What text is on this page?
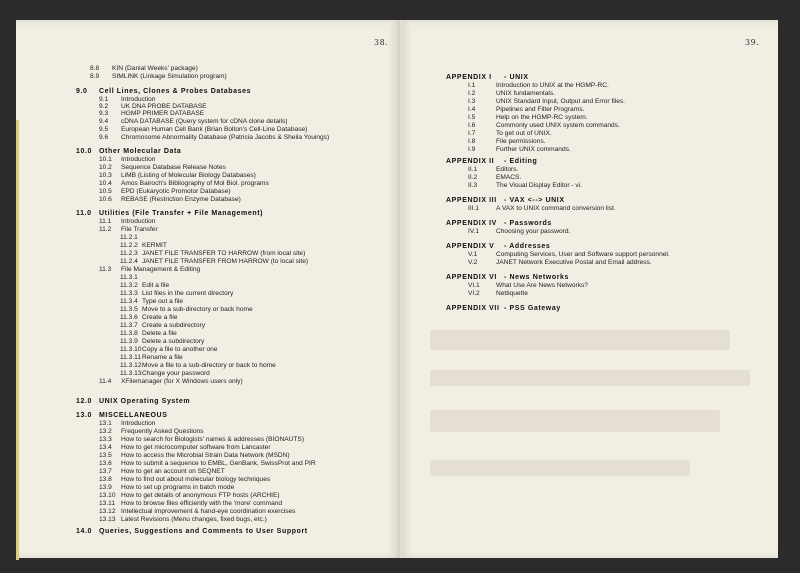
38.	39.
8.8 KIN (Danial Weeks' package)
8.9 SIMLINK (Linkage Simulation program)
9.0 Cell Lines, Clones & Probes Databases
9.1 Introduction
9.2 UK DNA PROBE DATABASE
9.3 HGMP PRIMER DATABASE
9.4 cDNA DATABASE (Query system for cDNA clone details)
9.5 European Human Cell Bank (Brian Bolton's Cell-Line Database)
9.6 Chromosome Abnormality Database (Patricia Jacobs & Sheila Youings)
10.0 Other Molecular Data
10.1 Introduction
10.2 Sequence Database Release Notes
10.3 LiMB (Listing of Molecular Biology Databases)
10.4 Amos Bairoch's Bibliography of Mol Biol. programs
10.5 EPD (Eukaryotic Promotor Database)
10.6 REBASE (Restriction Enzyme Database)
11.0 Utilities (File Transfer + File Management)
11.1 Introduction
11.2 File Transfer
11.2.1
11.2.2 KERMIT
11.2.3 JANET FILE TRANSFER TO HARROW (from local site)
11.2.4 JANET FILE TRANSFER FROM HARROW (to local site)
11.3 File Management & Editing
11.3.1
11.3.2 Edit a file
11.3.3 List files in the current directory
11.3.4 Type out a file
11.3.5 Move to a sub-directory or back home
11.3.6 Create a file
11.3.7 Create a subdirectory
11.3.8 Delete a file
11.3.9 Delete a subdirectory
11.3.10Copy a file to another one
11.3.11Rename a file
11.3.12Move a file to a sub-directory or back to home
11.3.13Change your password
11.4 XFilemanager (for X Windows users only)
12.0 UNIX Operating System
13.0 MISCELLANEOUS
13.1 Introduction
13.2 Frequently Asked Questions
13.3 How to search for Biologists' names & addresses (BIONAUTS)
13.4 How to get microcomputer software from Lancaster
13.5 How to access the Microbial Strain Data Network (MSDN)
13.6 How to submit a sequence to EMBL, GenBank, SwissProt and PIR
13.7 How to get an account on SEQNET
13.8 How to find out about molecular biology techniques
13.9 How to set up programs in batch mode
13.10 How to get details of anonymous FTP hosts (ARCHIE)
13.11 How to browse files efficiently with the 'more' command
13.12 Intellectual improvement & hand-eye coordination exercises
13.13 Latest Revisions (Menu changes, fixed bugs, etc.)
14.0 Queries, Suggestions and Comments to User Support
APPENDIX I - UNIX
I.1	Introduction to UNIX at the HGMP-RC.
I.2	UNIX fundamentals.
I.3	UNIX Standard Input, Output and Error files.
I.4	Pipelines and Filter Programs.
I.5	Help on the HGMP-RC system.
I.6	Commonly used UNIX system commands.
I.7	To get out of UNIX.
I.8	File permissions.
I.9	Further UNIX commands.
APPENDIX II - Editing
II.1	Editors.
II.2	EMACS.
II.3	The Visual Display Editor - vi.
APPENDIX III - VAX <--> UNIX
III.1	A VAX to UNIX command conversion list.
APPENDIX IV - Passwords
IV.1	Choosing your password.
APPENDIX V - Addresses
V.1	Computing Services, User and Software support personnel.
V.2	JANET Network Executive Postal and Email address.
APPENDIX VI - News Networks
VI.1 What Use Are News Networks?
VI.2 Nettiquette
APPENDIX VII - PSS Gateway
